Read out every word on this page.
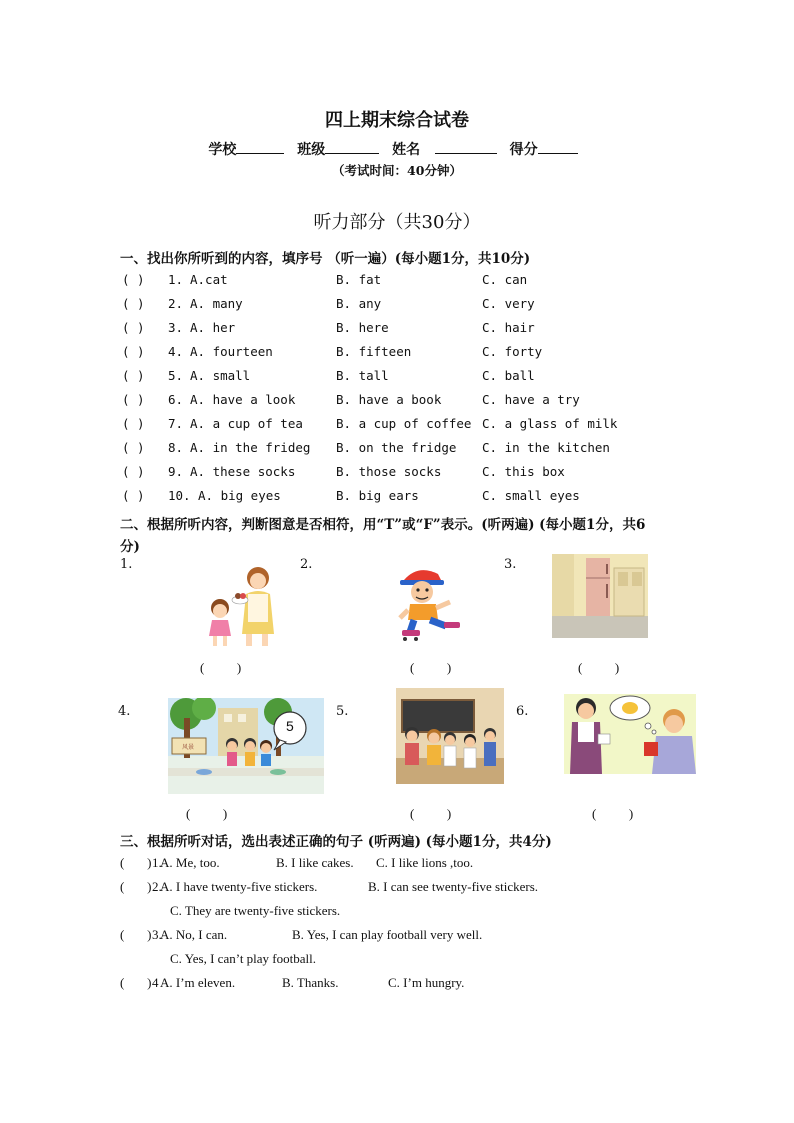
四上期末综合试卷
学校	班级	姓名	得分
（考试时间：40分钟）
听力部分（共30分）
一、找出你所听到的内容，填序号 （听一遍）(每小题1分，共10分)
( ) 1. A.cat	B. fat	C. can
( ) 2. A. many	B. any	C. very
( ) 3. A. her	B. here	C. hair
( ) 4. A. fourteen	B. fifteen	C. forty
( ) 5. A. small	B. tall	C. ball
( ) 6. A. have a look	B. have a book	C. have a try
( ) 7. A. a cup of tea	B. a cup of coffee C. a glass of milk
( ) 8. A. in the frideg B. on the fridge C. in the kitchen
( ) 9. A. these socks	B. those socks	C. this box
( ) 10. A. big eyes	B. big ears	C. small eyes
二、根据所听内容，判断图意是否相符，用“T”或“F”表示。(听两遍) (每小题1分，共6
分)
1.	2.	3.
4.	5.	6.
风景
5
(          )	(          )	(          )
(          )	(          )	(          )
三、根据所听对话，选出表述正确的句子 (听两遍) (每小题1分，共4分)
(       ) 1.
A. Me, too.	B. I like cakes. C. I like lions ,too.
(       ) 2.
A. I have twenty-five stickers.	B. I can see twenty-five stickers.
C. They are twenty-five stickers.
(       ) 3.
A. No, I can.	B. Yes, I can play football very well.
C. Yes, I can’t play football.
(       ) 4 A. I’m eleven.	B. Thanks.	C. I’m hungry.
